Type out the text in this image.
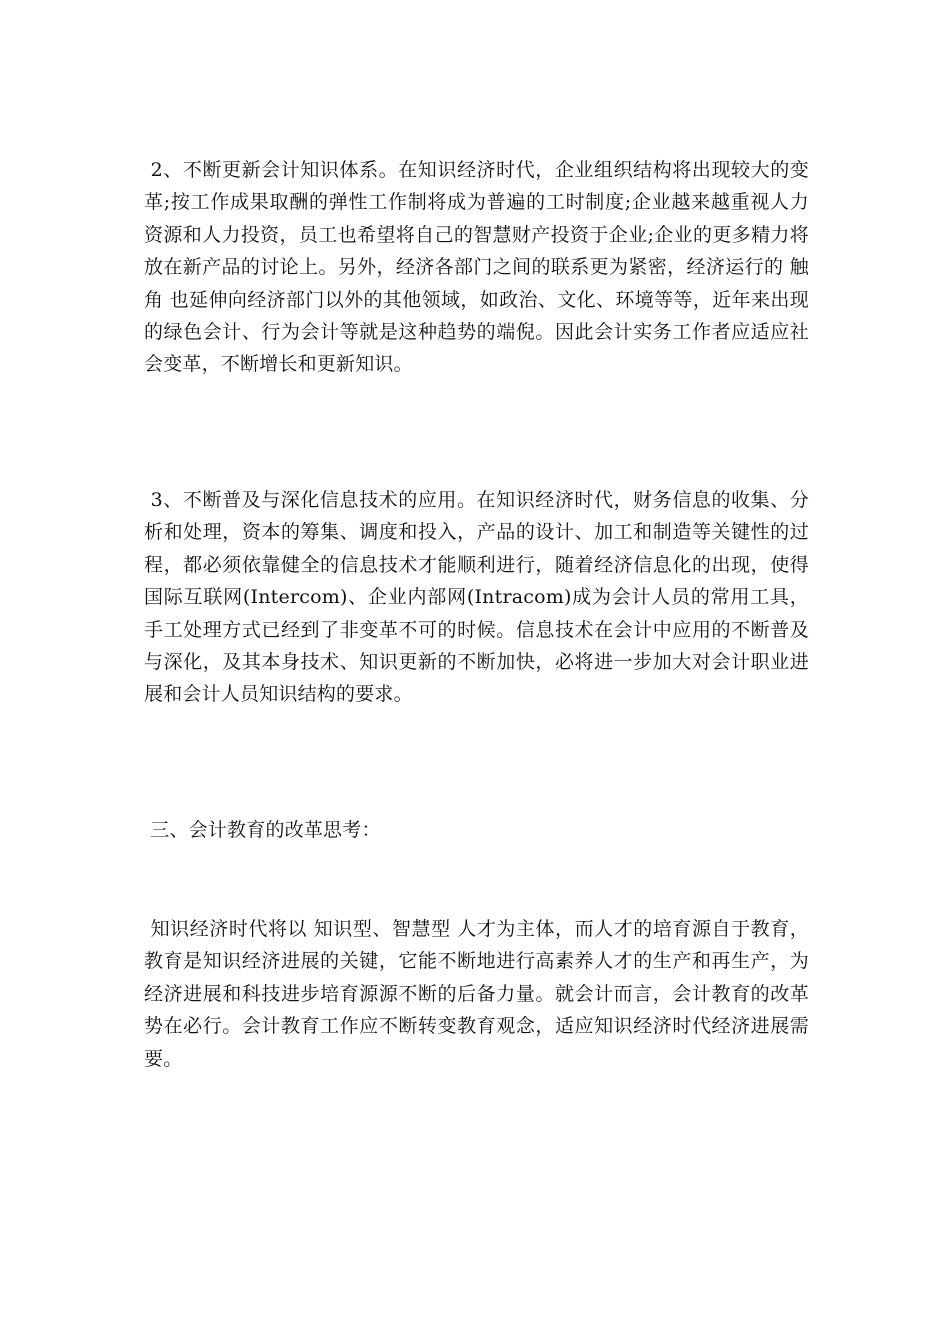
2、不断更新会计知识体系。在知识经济时代，企业组织结构将出现较大的变革;按工作成果取酬的弹性工作制将成为普遍的工时制度;企业越来越重视人力资源和人力投资，员工也希望将自己的智慧财产投资于企业;企业的更多精力将放在新产品的讨论上。另外，经济各部门之间的联系更为紧密，经济运行的 触角 也延伸向经济部门以外的其他领域，如政治、文化、环境等等，近年来出现的绿色会计、行为会计等就是这种趋势的端倪。因此会计实务工作者应适应社会变革，不断增长和更新知识。

3、不断普及与深化信息技术的应用。在知识经济时代，财务信息的收集、分析和处理，资本的筹集、调度和投入，产品的设计、加工和制造等关键性的过程，都必须依靠健全的信息技术才能顺利进行，随着经济信息化的出现，使得国际互联网(Intercom)、企业内部网(Intracom)成为会计人员的常用工具，手工处理方式已经到了非变革不可的时候。信息技术在会计中应用的不断普及与深化，及其本身技术、知识更新的不断加快，必将进一步加大对会计职业进展和会计人员知识结构的要求。

三、会计教育的改革思考：

知识经济时代将以 知识型、智慧型 人才为主体，而人才的培育源自于教育，教育是知识经济进展的关键，它能不断地进行高素养人才的生产和再生产，为经济进展和科技进步培育源源不断的后备力量。就会计而言，会计教育的改革势在必行。会计教育工作应不断转变教育观念，适应知识经济时代经济进展需要。
